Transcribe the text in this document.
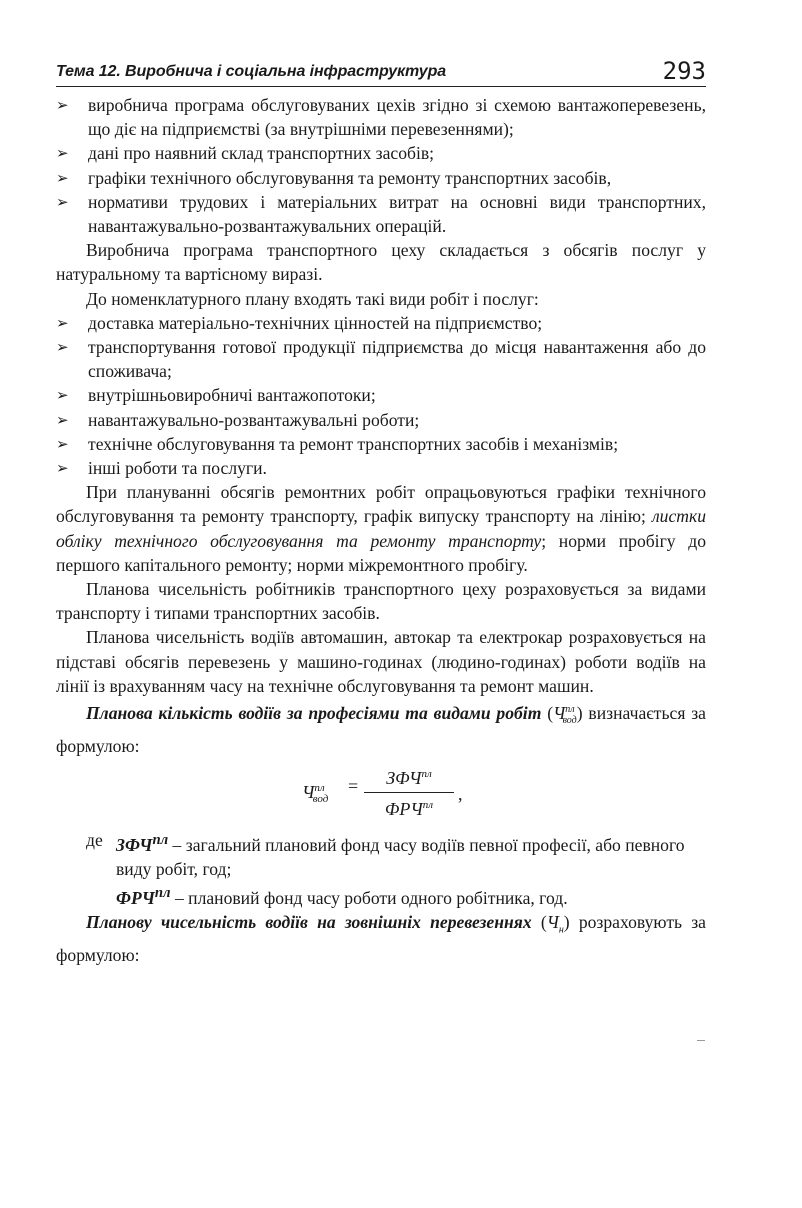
Тема 12. Виробнича і соціальна інфраструктура	293
➢ виробнича програма обслуговуваних цехів згідно зі схемою вантажоперевезень, що діє на підприємстві (за внутрішніми перевезеннями);
➢ дані про наявний склад транспортних засобів;
➢ графіки технічного обслуговування та ремонту транспортних засобів,
➢ нормативи трудових і матеріальних витрат на основні види транспортних, навантажувально-розвантажувальних операцій.

Виробнича програма транспортного цеху складається з обсягів послуг у натуральному та вартісному виразі.

До номенклатурного плану входять такі види робіт і послуг:

➢ доставка матеріально-технічних цінностей на підприємство;
➢ транспортування готової продукції підприємства до місця навантаження або до споживача;
➢ внутрішньовиробничі вантажопотоки;
➢ навантажувально-розвантажувальні роботи;
➢ технічне обслуговування та ремонт транспортних засобів і механізмів;
➢ інші роботи та послуги.

При плануванні обсягів ремонтних робіт опрацьовуються графіки технічного обслуговування та ремонту транспорту, графік випуску транспорту на лінію; листки обліку технічного обслуговування та ремонту транспорту; норми пробігу до першого капітального ремонту; норми міжремонтного пробігу.

Планова чисельність робітників транспортного цеху розраховується за видами транспорту і типами транспортних засобів.

Планова чисельність водіїв автомашин, автокар та електрокар розраховується на підставі обсягів перевезень у машино-годинах (людино-годинах) роботи водіїв на лінії із врахуванням часу на технічне обслуговування та ремонт машин.

Планова кількість водіїв за професіями та видами робіт $(Ч^{пл}_{вод})$ визначається за формулою:

$Ч^{пл}_{вод}$
=	$ЗФЧ^{пл}$
$ФРЧ^{пл}$
,
де $ЗФЧ^{пл}$ – загальний плановий фонд часу водіїв певної професії, або певного виду робіт, год;
$ФРЧ^{пл}$ – плановий фонд часу роботи одного робітника, год.

Планову чисельність водіїв на зовнішніх перевезеннях $(Ч_н)$ розраховують за формулою:
